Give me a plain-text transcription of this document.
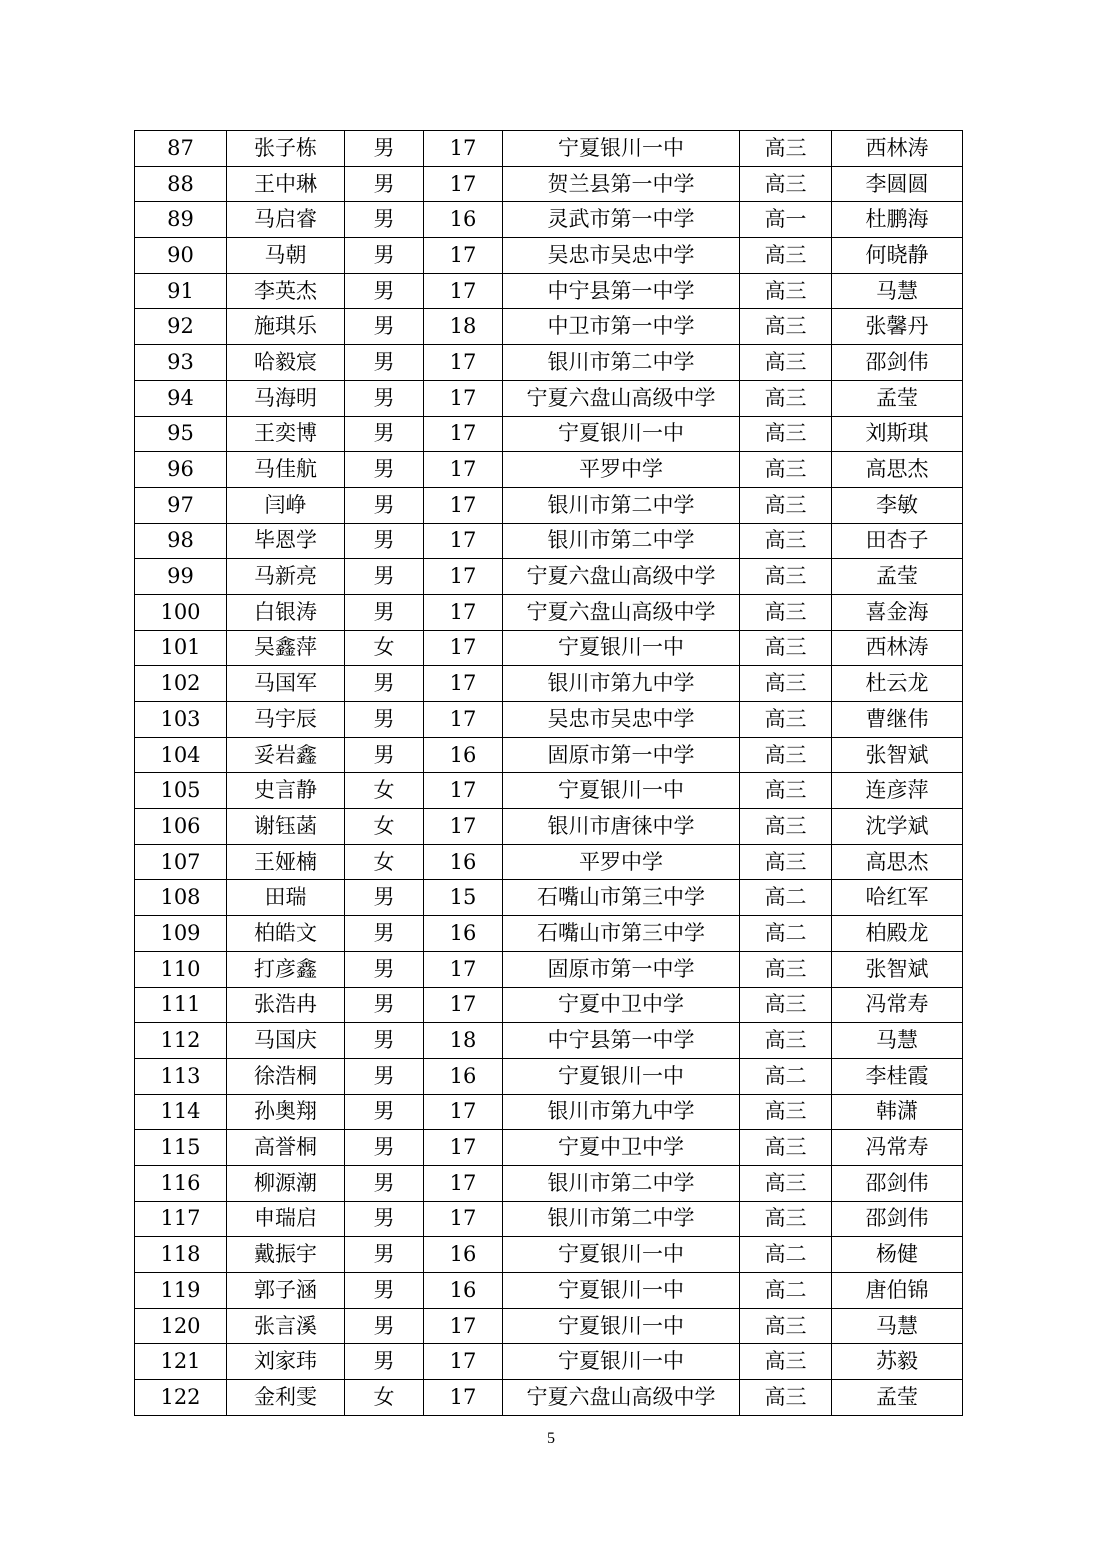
87	张子栋	男	17	宁夏银川一中	高三	西林涛
88	王中琳	男	17	贺兰县第一中学	高三	李圆圆
89	马启睿	男	16	灵武市第一中学	高一	杜鹏海
90	马朝	男	17	吴忠市吴忠中学	高三	何晓静
91	李英杰	男	17	中宁县第一中学	高三	马慧
92	施琪乐	男	18	中卫市第一中学	高三	张馨丹
93	哈毅宸	男	17	银川市第二中学	高三	邵剑伟
94	马海明	男	17	宁夏六盘山高级中学	高三	孟莹
95	王奕博	男	17	宁夏银川一中	高三	刘斯琪
96	马佳航	男	17	平罗中学	高三	高思杰
97	闫峥	男	17	银川市第二中学	高三	李敏
98	毕恩学	男	17	银川市第二中学	高三	田杏子
99	马新亮	男	17	宁夏六盘山高级中学	高三	孟莹
100	白银涛	男	17	宁夏六盘山高级中学	高三	喜金海
101	吴鑫萍	女	17	宁夏银川一中	高三	西林涛
102	马国军	男	17	银川市第九中学	高三	杜云龙
103	马宇辰	男	17	吴忠市吴忠中学	高三	曹继伟
104	妥岩鑫	男	16	固原市第一中学	高三	张智斌
105	史言静	女	17	宁夏银川一中	高三	连彦萍
106	谢钰菡	女	17	银川市唐徕中学	高三	沈学斌
107	王娅楠	女	16	平罗中学	高三	高思杰
108	田瑞	男	15	石嘴山市第三中学	高二	哈红军
109	柏皓文	男	16	石嘴山市第三中学	高二	柏殿龙
110	打彦鑫	男	17	固原市第一中学	高三	张智斌
111	张浩冉	男	17	宁夏中卫中学	高三	冯常寿
112	马国庆	男	18	中宁县第一中学	高三	马慧
113	徐浩桐	男	16	宁夏银川一中	高二	李桂霞
114	孙奥翔	男	17	银川市第九中学	高三	韩潇
115	高誉桐	男	17	宁夏中卫中学	高三	冯常寿
116	柳源潮	男	17	银川市第二中学	高三	邵剑伟
117	申瑞启	男	17	银川市第二中学	高三	邵剑伟
118	戴振宇	男	16	宁夏银川一中	高二	杨健
119	郭子涵	男	16	宁夏银川一中	高二	唐伯锦
120	张言溪	男	17	宁夏银川一中	高三	马慧
121	刘家玮	男	17	宁夏银川一中	高三	苏毅
122	金利雯	女	17	宁夏六盘山高级中学	高三	孟莹
5
